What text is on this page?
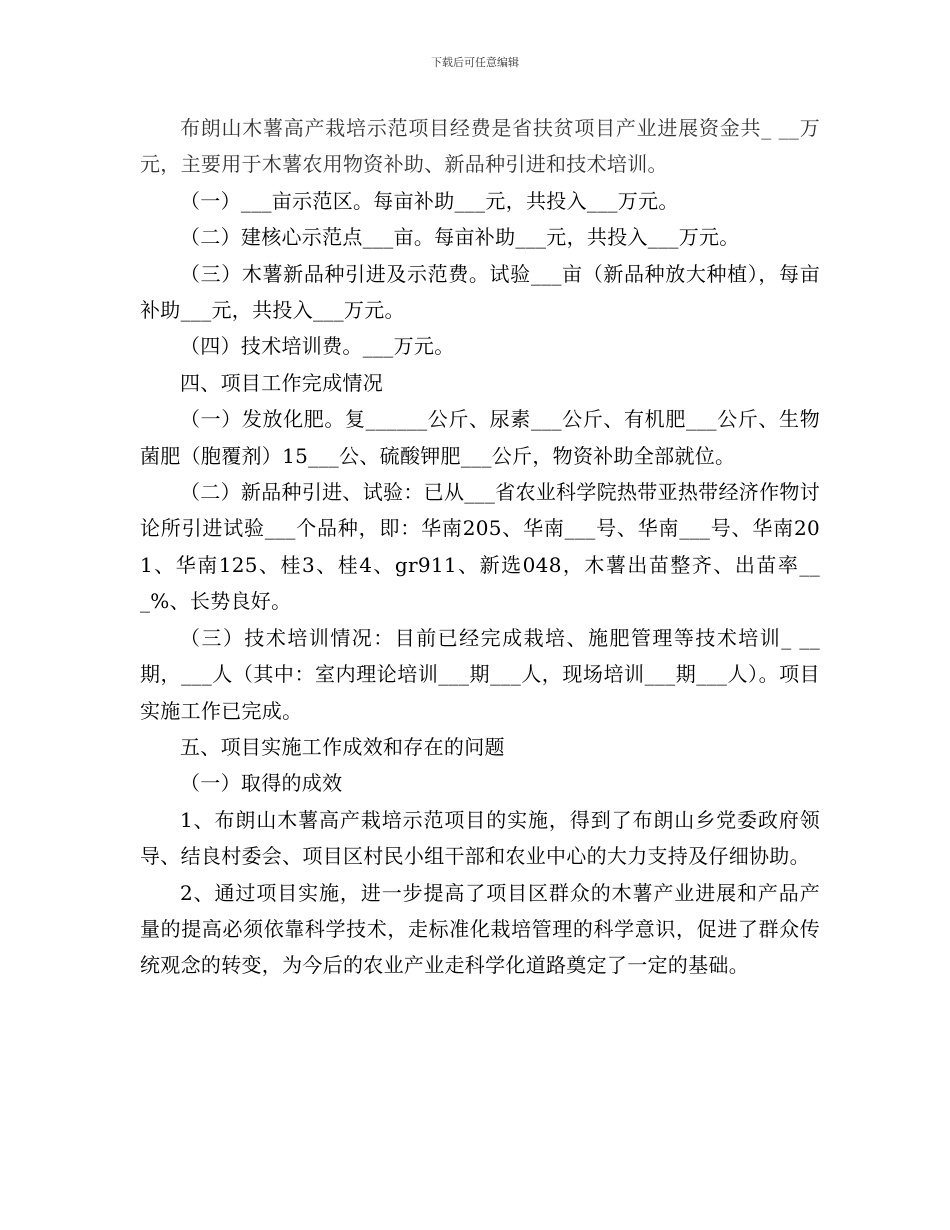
下载后可任意编辑

布朗山木薯高产栽培示范项目经费是省扶贫项目产业进展资金共_ __万元，主要用于木薯农用物资补助、新品种引进和技术培训。

（一）___亩示范区。每亩补助___元，共投入___万元。

（二）建核心示范点___亩。每亩补助___元，共投入___万元。

（三）木薯新品种引进及示范费。试验___亩（新品种放大种植），每亩补助___元，共投入___万元。

（四）技术培训费。___万元。

四、项目工作完成情况

（一）发放化肥。复______公斤、尿素___公斤、有机肥___公斤、生物菌肥（胞覆剂）15___公、硫酸钾肥___公斤，物资补助全部就位。

（二）新品种引进、试验：已从___省农业科学院热带亚热带经济作物讨论所引进试验___个品种，即：华南205、华南___号、华南___号、华南201、华南125、桂3、桂4、gr911、新选048，木薯出苗整齐、出苗率___%、长势良好。

（三）技术培训情况：目前已经完成栽培、施肥管理等技术培训_ __期，___人（其中：室内理论培训___期___人，现场培训___期___人）。项目实施工作已完成。

五、项目实施工作成效和存在的问题

（一）取得的成效

1、布朗山木薯高产栽培示范项目的实施，得到了布朗山乡党委政府领导、结良村委会、项目区村民小组干部和农业中心的大力支持及仔细协助。

2、通过项目实施，进一步提高了项目区群众的木薯产业进展和产品产量的提高必须依靠科学技术，走标准化栽培管理的科学意识，促进了群众传统观念的转变，为今后的农业产业走科学化道路奠定了一定的基础。
